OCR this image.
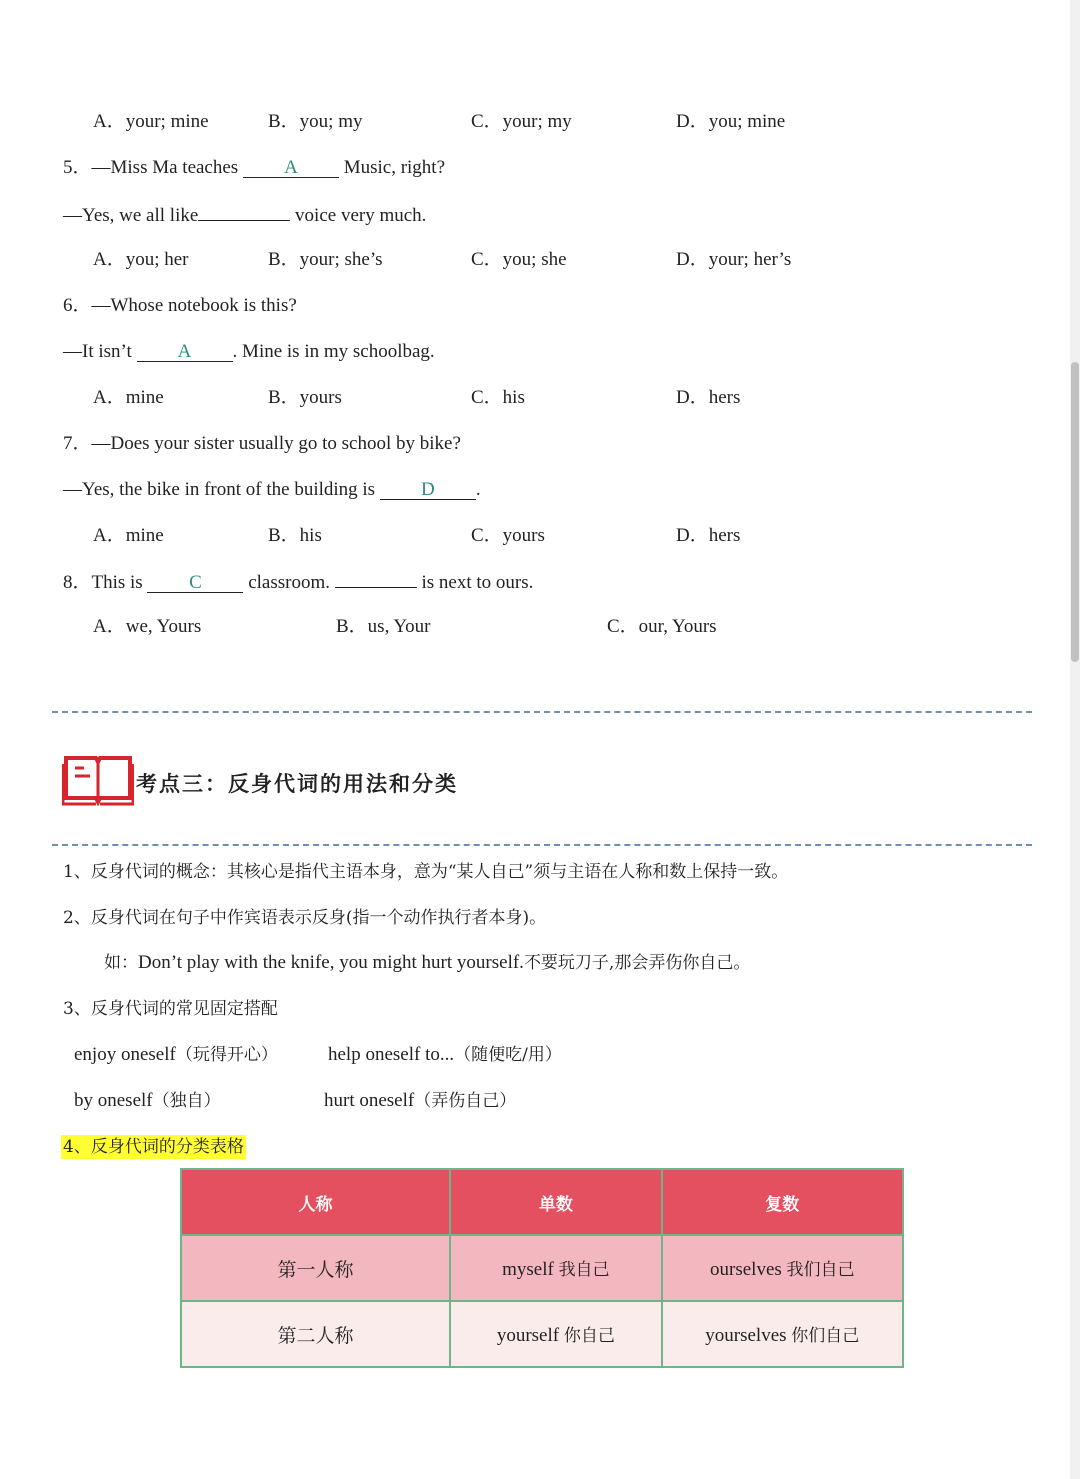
A．your; mine	B．you; my	C．your; my	D．you; mine
5．—Miss Ma teaches A Music, right?
—Yes, we all like	voice very much.
A．you; her	B．your; she’s	C．you; she	D．your; her’s
6．—Whose notebook is this?
—It isn’t A . Mine is in my schoolbag.
A．mine	B．yours	C．his	D．hers
7．—Does your sister usually go to school by bike?
—Yes, the bike in front of the building is D .
A．mine	B．his	C．yours	D．hers
8．This is C classroom.	is next to ours.
A．we, Yours	B．us, Your	C．our, Yours
考点三：反身代词的用法和分类
1、反身代词的概念：其核心是指代主语本身，意为“某人自己”须与主语在人称和数上保持一致。
2、反身代词在句子中作宾语表示反身(指一个动作执行者本身)。
如：Don’t play with the knife, you might hurt yourself.不要玩刀子,那会弄伤你自己。
3、反身代词的常见固定搭配
enjoy oneself（玩得开心）	help oneself to...（随便吃/用）
by oneself（独自）	hurt oneself（弄伤自己）
4、反身代词的分类表格
人称	单数	复数
第一人称	myself 我自己	ourselves 我们自己
第二人称	yourself 你自己	yourselves 你们自己
